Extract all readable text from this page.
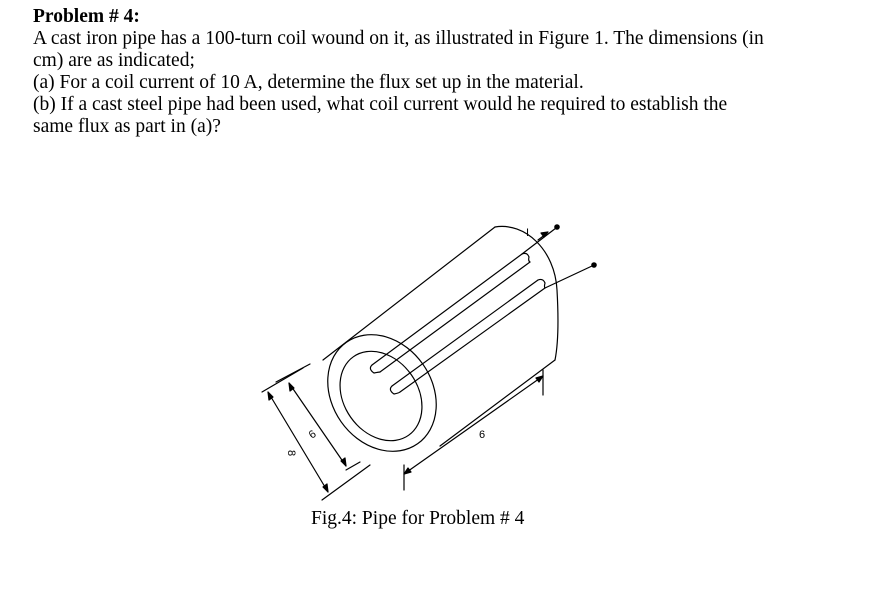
Problem # 4:

A cast iron pipe has a 100-turn coil wound on it, as illustrated in Figure 1. The dimensions (in

cm) are as indicated;

(a) For a coil current of 10 A, determine the flux set up in the material.

(b) If a cast steel pipe had been used, what coil current would he required to establish the

same flux as part in (a)?

I
8
6	6
Fig.4: Pipe for Problem # 4
